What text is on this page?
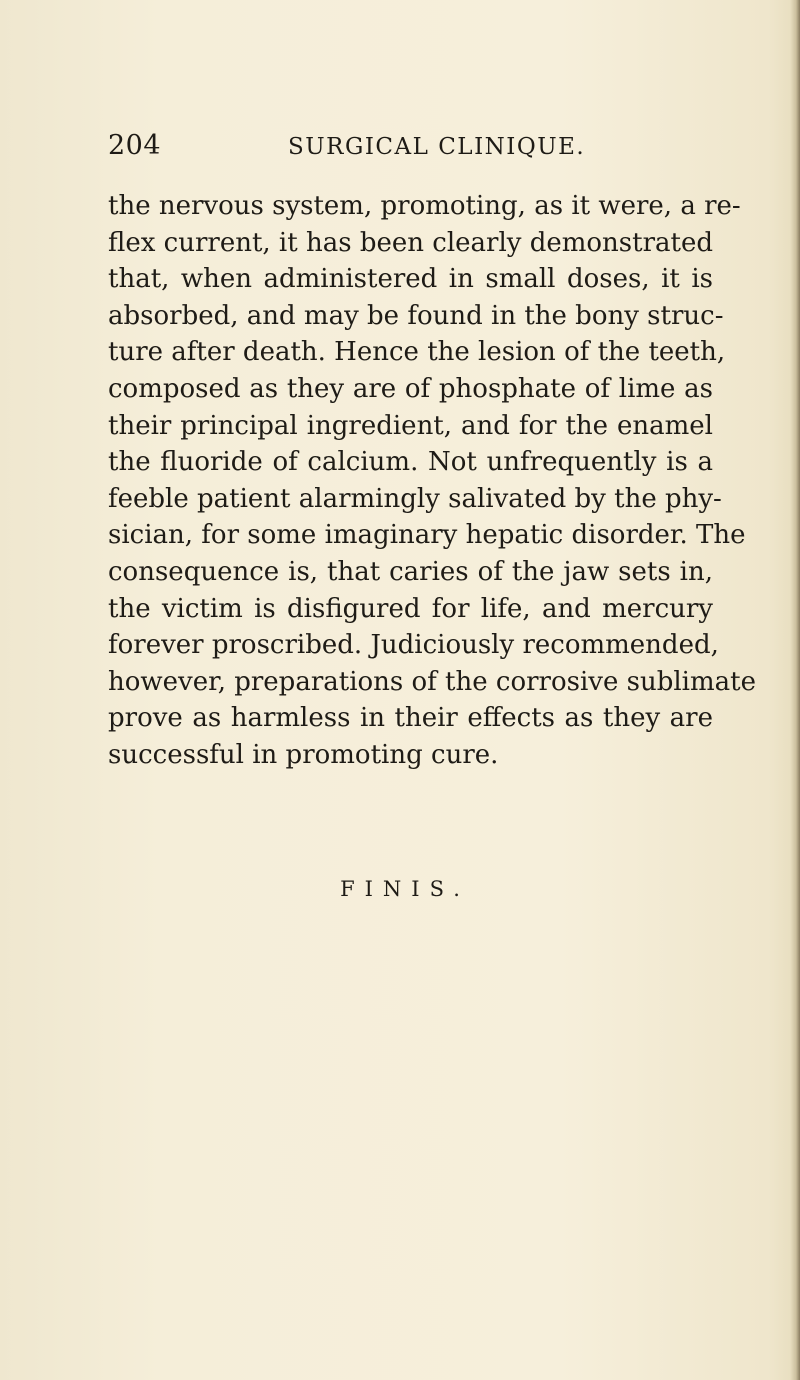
204	SURGICAL CLINIQUE.
the nervous system, promoting, as it were, a re-
flex current, it has been clearly demonstrated
that, when administered in small doses, it is
absorbed, and may be found in the bony struc-
ture after death. Hence the lesion of the teeth,
composed as they are of phosphate of lime as
their principal ingredient, and for the enamel
the fluoride of calcium. Not unfrequently is a
feeble patient alarmingly salivated by the phy-
sician, for some imaginary hepatic disorder. The
consequence is, that caries of the jaw sets in,
the victim is disfigured for life, and mercury
forever proscribed. Judiciously recommended,
however, preparations of the corrosive sublimate
prove as harmless in their effects as they are
successful in promoting cure.
FINIS.
